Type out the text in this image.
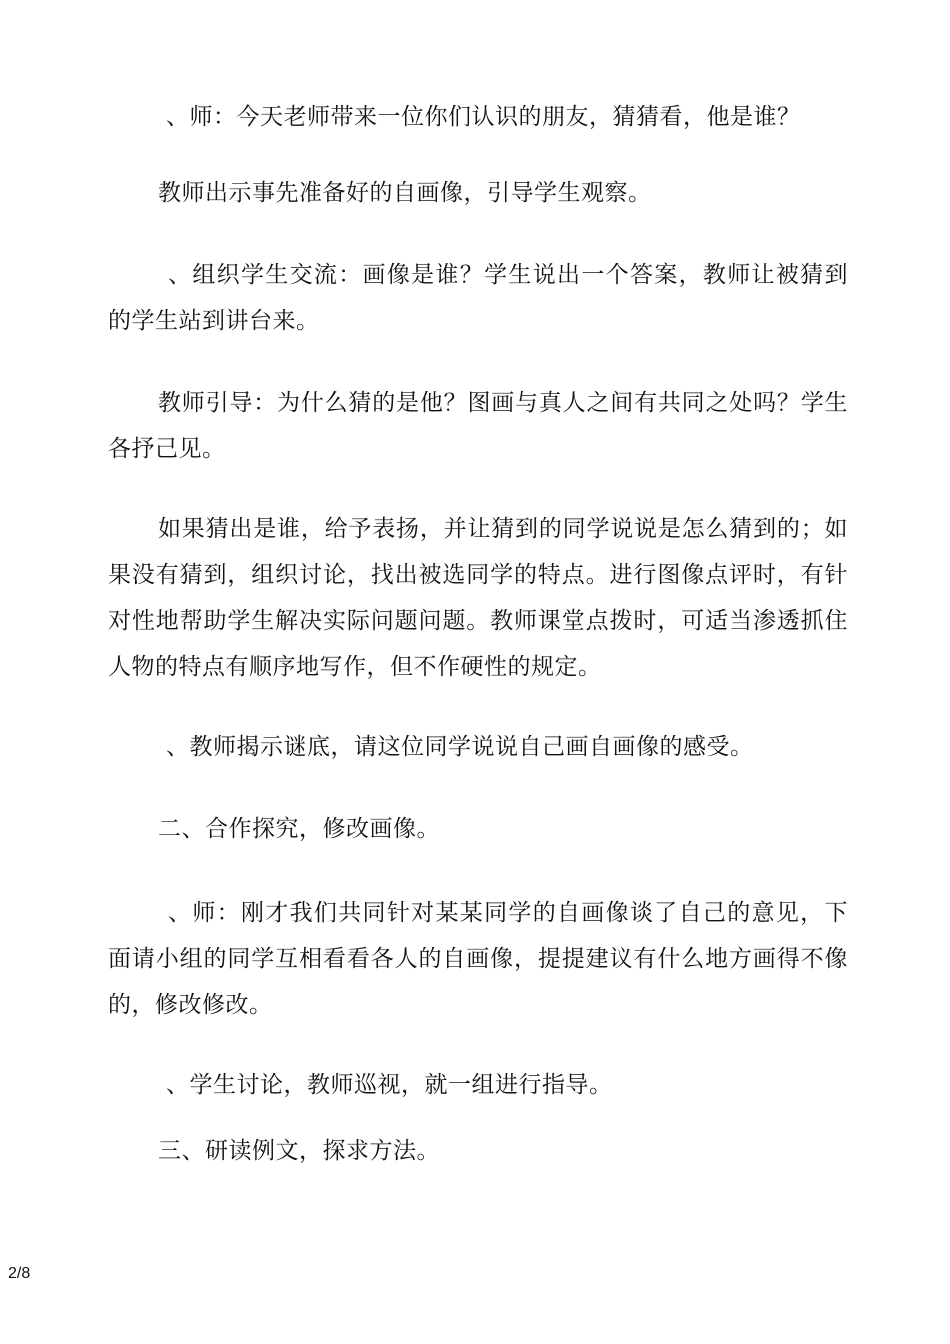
、师：今天老师带来一位你们认识的朋友，猜猜看，他是谁？
教师出示事先准备好的自画像，引导学生观察。
、组织学生交流：画像是谁？学生说出一个答案，教师让被猜到的学生站到讲台来。
教师引导：为什么猜的是他？图画与真人之间有共同之处吗？学生各抒己见。
如果猜出是谁，给予表扬，并让猜到的同学说说是怎么猜到的；如果没有猜到，组织讨论，找出被选同学的特点。进行图像点评时，有针对性地帮助学生解决实际问题问题。教师课堂点拨时，可适当渗透抓住人物的特点有顺序地写作，但不作硬性的规定。
、教师揭示谜底，请这位同学说说自己画自画像的感受。
二、合作探究，修改画像。
、师：刚才我们共同针对某某同学的自画像谈了自己的意见，下面请小组的同学互相看看各人的自画像，提提建议有什么地方画得不像的，修改修改。
、学生讨论，教师巡视，就一组进行指导。
三、研读例文，探求方法。
2/8
